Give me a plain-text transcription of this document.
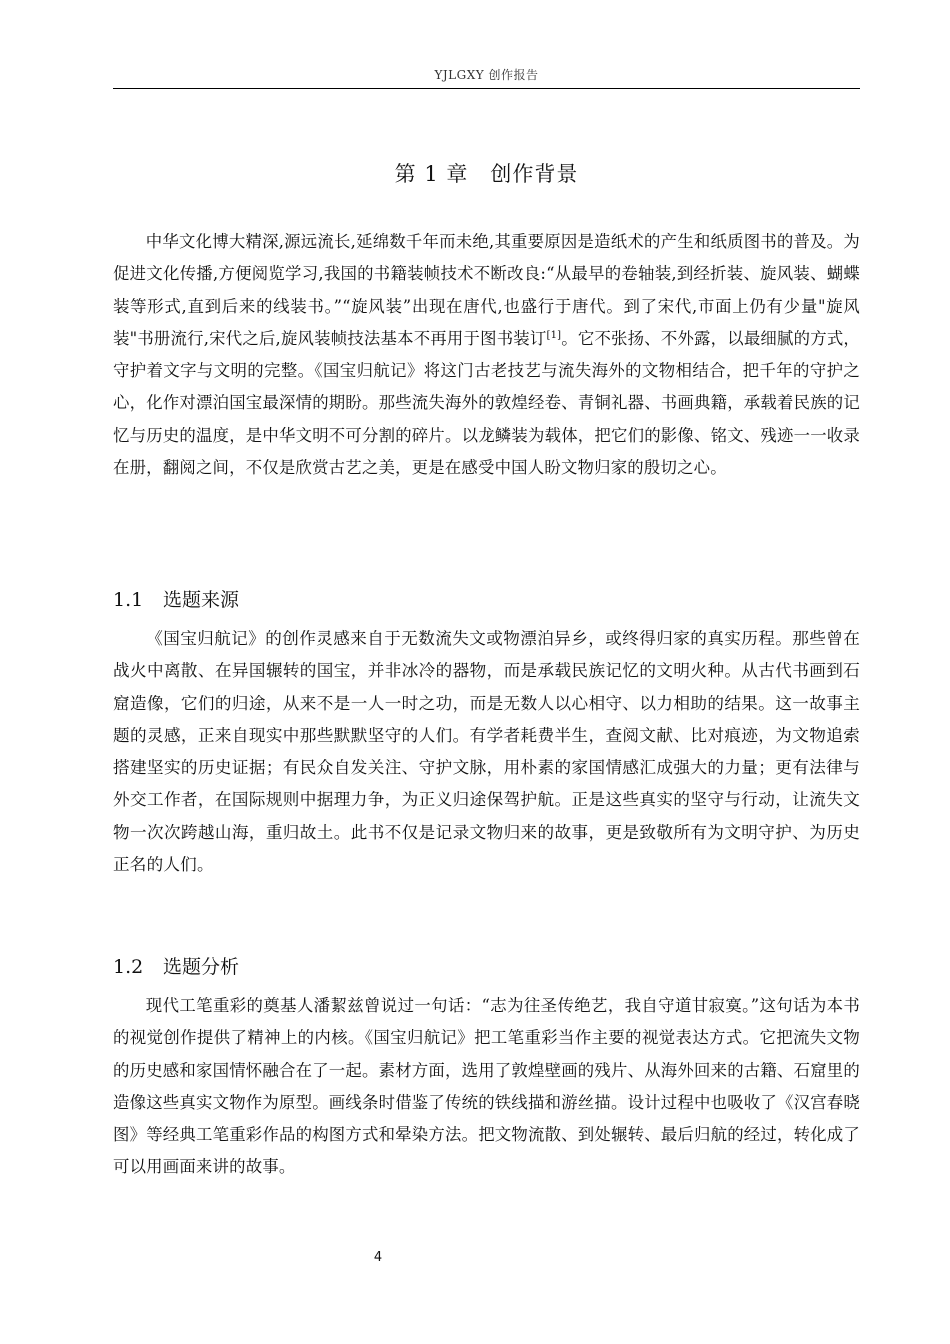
YJLGXY 创作报告
第 1 章　创作背景

中华文化博大精深,源远流长,延绵数千年而未绝,其重要原因是造纸术的产生和纸质图书的普及。为促进文化传播,方便阅览学习,我国的书籍装帧技术不断改良:“从最早的卷轴装,到经折装、旋风装、蝴蝶装等形式,直到后来的线装书。”“旋风装”出现在唐代,也盛行于唐代。到了宋代,市面上仍有少量"旋风装"书册流行,宋代之后,旋风装帧技法基本不再用于图书装订[1]。它不张扬、不外露，以最细腻的方式，守护着文字与文明的完整。《国宝归航记》将这门古老技艺与流失海外的文物相结合，把千年的守护之心，化作对漂泊国宝最深情的期盼。那些流失海外的敦煌经卷、青铜礼器、书画典籍，承载着民族的记忆与历史的温度，是中华文明不可分割的碎片。以龙鳞装为载体，把它们的影像、铭文、残迹一一收录在册，翻阅之间，不仅是欣赏古艺之美，更是在感受中国人盼文物归家的殷切之心。

1.1 选题来源

《国宝归航记》的创作灵感来自于无数流失文或物漂泊异乡，或终得归家的真实历程。那些曾在战火中离散、在异国辗转的国宝，并非冰冷的器物，而是承载民族记忆的文明火种。从古代书画到石窟造像，它们的归途，从来不是一人一时之功，而是无数人以心相守、以力相助的结果。这一故事主题的灵感，正来自现实中那些默默坚守的人们。有学者耗费半生，查阅文献、比对痕迹，为文物追索搭建坚实的历史证据；有民众自发关注、守护文脉，用朴素的家国情感汇成强大的力量；更有法律与外交工作者，在国际规则中据理力争，为正义归途保驾护航。正是这些真实的坚守与行动，让流失文物一次次跨越山海，重归故土。此书不仅是记录文物归来的故事，更是致敬所有为文明守护、为历史正名的人们。

1.2 选题分析

现代工笔重彩的奠基人潘絜兹曾说过一句话：“志为往圣传绝艺，我自守道甘寂寞。”这句话为本书的视觉创作提供了精神上的内核。《国宝归航记》把工笔重彩当作主要的视觉表达方式。它把流失文物的历史感和家国情怀融合在了一起。素材方面，选用了敦煌壁画的残片、从海外回来的古籍、石窟里的造像这些真实文物作为原型。画线条时借鉴了传统的铁线描和游丝描。设计过程中也吸收了《汉宫春晓图》等经典工笔重彩作品的构图方式和晕染方法。把文物流散、到处辗转、最后归航的经过，转化成了可以用画面来讲的故事。

4
